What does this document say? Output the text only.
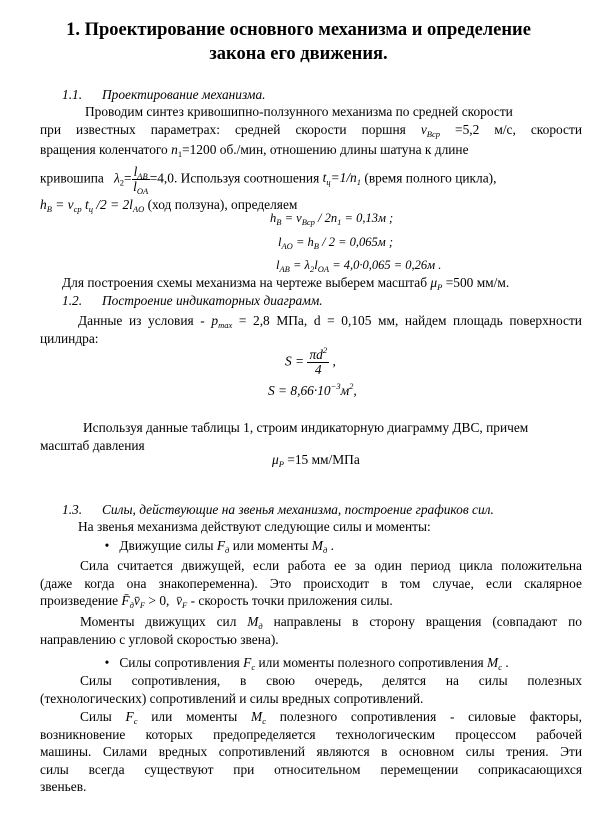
1. Проектирование основного механизма и определение
закона его движения.
1.1. Проектирование механизма.
Проводим синтез кривошипно-ползунного механизма по средней скорости
при известных параметрах: средней скорости поршня $v_{Вср} =5,2$ м/с, скорости
вращения коленчатого $n_1=1200$ об./мин, отношению длины шатуна к длине
кривошипа   $\lambda_2= \frac{l_{AB}}{l_{OA}} =4,0$. Используя соотношения $t_ц=1/n_1$ (время полного цикла),
$h_B = v_{ср}$ $t_ц$ $/2 = 2l_{AO}$ (ход ползуна), определяем
$h_B = v_{Вср} / 2n_1 = 0,13м$ ;
$l_{AO} = h_B / 2 = 0,065м$ ;
$l_{AB} = \lambda_2l_{OA} = 4,0\cdot 0,065 = 0,26м$ .
Для построения схемы механизма на чертеже выберем масштаб $\mu_P =500$ мм/м.
1.2. Построение индикаторных диаграмм.
Данные из условия - $p_{max} = 2,8$ МПа, d = 0,105 мм, найдем площадь поверхности
цилиндра:
$S = \frac{\pi d^2}{4}$ ,
$S = 8,66\cdot 10^{-3}м^2$,
Используя данные таблицы 1, строим индикаторную диаграмму ДВС, причем
масштаб давления
$\mu_P =15$ мм/МПа
1.3. Силы, действующие на звенья механизма, построение графиков сил.
На звенья механизма действуют следующие силы и моменты:
• Движущие силы $F_д$ или моменты $M_д$ .
Сила считается движущей, если работа ее за один период цикла положительна
(даже когда она знакопеременна). Это происходит в том случае, если скалярное
произведение $F̄_дv̄_F > 0$,  $v̄_F$ - скорость точки приложения силы.
Моменты движущих сил $M_д$ направлены в сторону вращения (совпадают по
направлению с угловой скоростью звена).
• Силы сопротивления $F_c$ или моменты полезного сопротивления $M_c$ .
Силы сопротивления, в свою очередь, делятся на силы полезных
(технологических) сопротивлений и силы вредных сопротивлений.
Силы $F_c$ или моменты $M_c$ полезного сопротивления - силовые факторы,
возникновение которых предопределяется технологическим процессом рабочей
машины. Силами вредных сопротивлений являются в основном силы трения. Эти
силы всегда существуют при относительном перемещении соприкасающихся
звеньев.
